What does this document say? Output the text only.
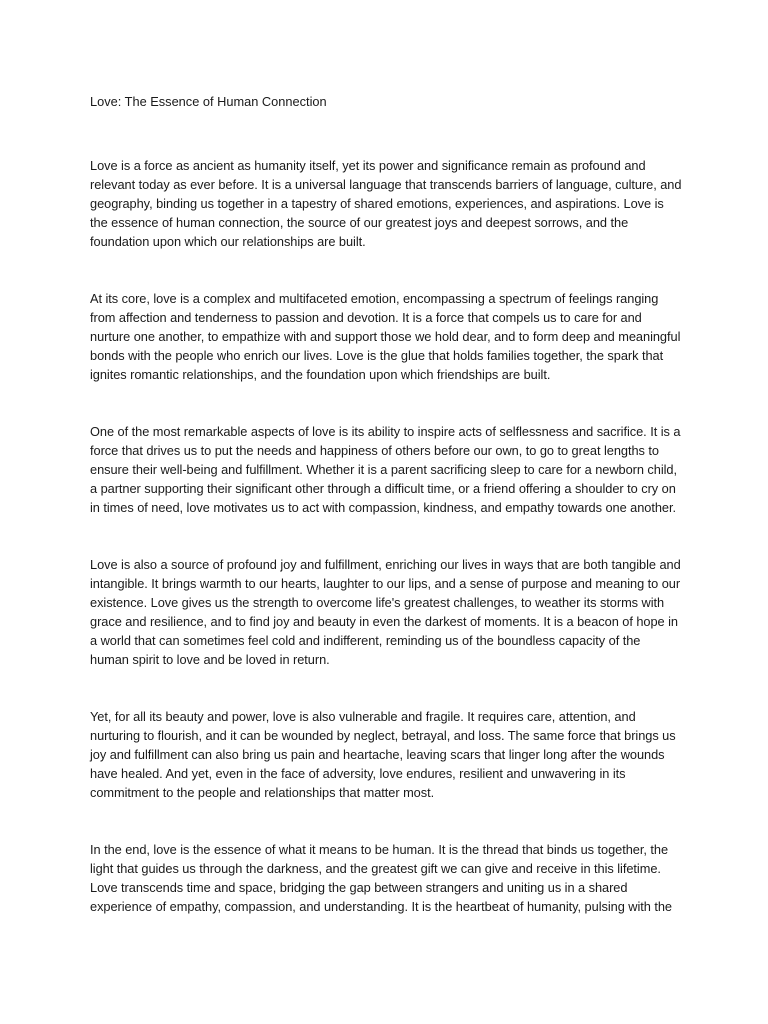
Love: The Essence of Human Connection

Love is a force as ancient as humanity itself, yet its power and significance remain as profound and relevant today as ever before. It is a universal language that transcends barriers of language, culture, and geography, binding us together in a tapestry of shared emotions, experiences, and aspirations. Love is the essence of human connection, the source of our greatest joys and deepest sorrows, and the foundation upon which our relationships are built.

At its core, love is a complex and multifaceted emotion, encompassing a spectrum of feelings ranging from affection and tenderness to passion and devotion. It is a force that compels us to care for and nurture one another, to empathize with and support those we hold dear, and to form deep and meaningful bonds with the people who enrich our lives. Love is the glue that holds families together, the spark that ignites romantic relationships, and the foundation upon which friendships are built.

One of the most remarkable aspects of love is its ability to inspire acts of selflessness and sacrifice. It is a force that drives us to put the needs and happiness of others before our own, to go to great lengths to ensure their well-being and fulfillment. Whether it is a parent sacrificing sleep to care for a newborn child, a partner supporting their significant other through a difficult time, or a friend offering a shoulder to cry on in times of need, love motivates us to act with compassion, kindness, and empathy towards one another.

Love is also a source of profound joy and fulfillment, enriching our lives in ways that are both tangible and intangible. It brings warmth to our hearts, laughter to our lips, and a sense of purpose and meaning to our existence. Love gives us the strength to overcome life's greatest challenges, to weather its storms with grace and resilience, and to find joy and beauty in even the darkest of moments. It is a beacon of hope in a world that can sometimes feel cold and indifferent, reminding us of the boundless capacity of the human spirit to love and be loved in return.

Yet, for all its beauty and power, love is also vulnerable and fragile. It requires care, attention, and nurturing to flourish, and it can be wounded by neglect, betrayal, and loss. The same force that brings us joy and fulfillment can also bring us pain and heartache, leaving scars that linger long after the wounds have healed. And yet, even in the face of adversity, love endures, resilient and unwavering in its commitment to the people and relationships that matter most.

In the end, love is the essence of what it means to be human. It is the thread that binds us together, the light that guides us through the darkness, and the greatest gift we can give and receive in this lifetime. Love transcends time and space, bridging the gap between strangers and uniting us in a shared experience of empathy, compassion, and understanding. It is the heartbeat of humanity, pulsing with the
